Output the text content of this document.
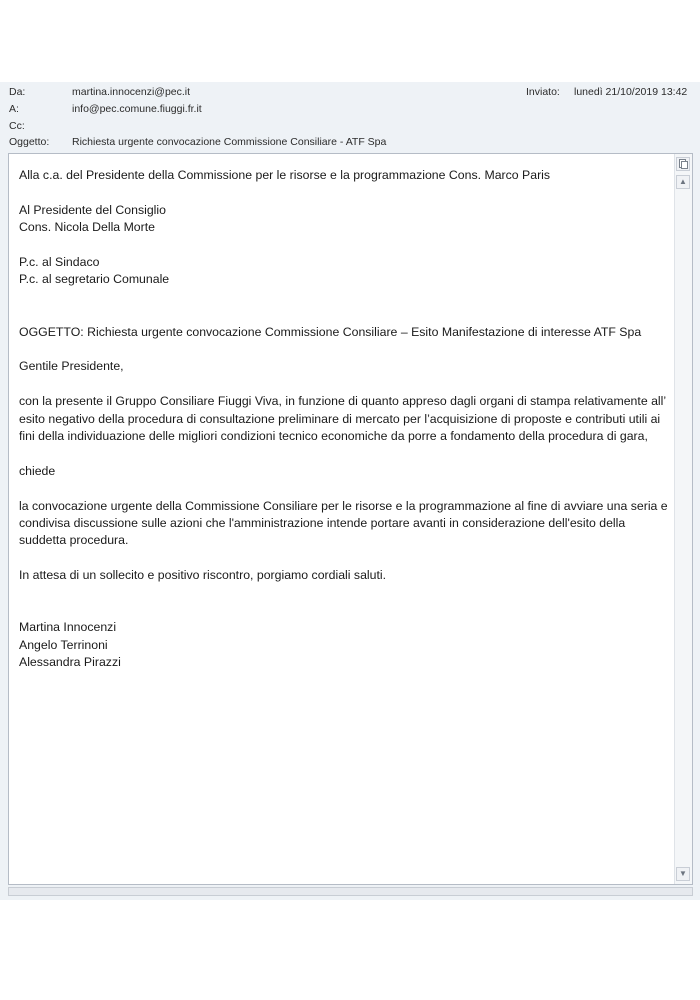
Da:	martina.innocenzi@pec.it	Inviato: lunedì 21/10/2019 13:42
A:	info@pec.comune.fiuggi.fr.it
Cc:
Oggetto: Richiesta urgente convocazione Commissione Consiliare - ATF Spa

Alla c.a. del Presidente della Commissione per le risorse e la programmazione Cons. Marco Paris

Al Presidente del Consiglio

Cons. Nicola Della Morte

P.c. al Sindaco

P.c. al segretario Comunale

OGGETTO: Richiesta urgente convocazione Commissione Consiliare – Esito Manifestazione di interesse ATF Spa

Gentile Presidente,

con la presente il Gruppo Consiliare Fiuggi Viva, in funzione di quanto appreso dagli organi di stampa relativamente all’ esito negativo della procedura di consultazione preliminare di mercato per l’acquisizione di proposte e contributi utili ai fini della individuazione delle migliori condizioni tecnico economiche da porre a fondamento della procedura di gara,

chiede

la convocazione urgente della Commissione Consiliare per le risorse e la programmazione al fine di avviare una seria e condivisa discussione sulle azioni che l'amministrazione intende portare avanti in considerazione dell'esito della suddetta procedura.

In attesa di un sollecito e positivo riscontro, porgiamo cordiali saluti.

Martina Innocenzi

Angelo Terrinoni

Alessandra Pirazzi

▲
▼
